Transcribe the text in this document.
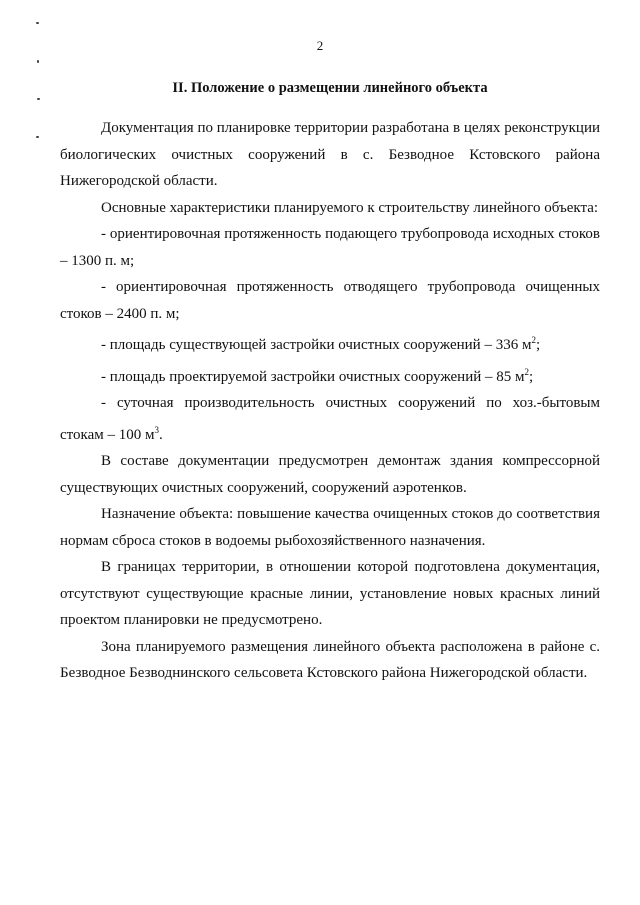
2
II. Положение о размещении линейного объекта

Документация по планировке территории разработана в целях реконструкции биологических очистных сооружений в с. Безводное Кстовского района Нижегородской области.

Основные характеристики планируемого к строительству линейного объекта:

- ориентировочная протяженность подающего трубопровода исходных стоков – 1300 п. м;

- ориентировочная протяженность отводящего трубопровода очищенных стоков – 2400 п. м;

- площадь существующей застройки очистных сооружений – 336 $м^2$;

- площадь проектируемой застройки очистных сооружений – 85 $м^2$;

- суточная производительность очистных сооружений по хоз.-бытовым стокам – 100 $м^3$.

В составе документации предусмотрен демонтаж здания компрессорной существующих очистных сооружений, сооружений аэротенков.

Назначение объекта: повышение качества очищенных стоков до соответствия нормам сброса стоков в водоемы рыбохозяйственного назначения.

В границах территории, в отношении которой подготовлена документация, отсутствуют существующие красные линии, установление новых красных линий проектом планировки не предусмотрено.

Зона планируемого размещения линейного объекта расположена в районе с. Безводное Безводнинского сельсовета Кстовского района Нижегородской области.
